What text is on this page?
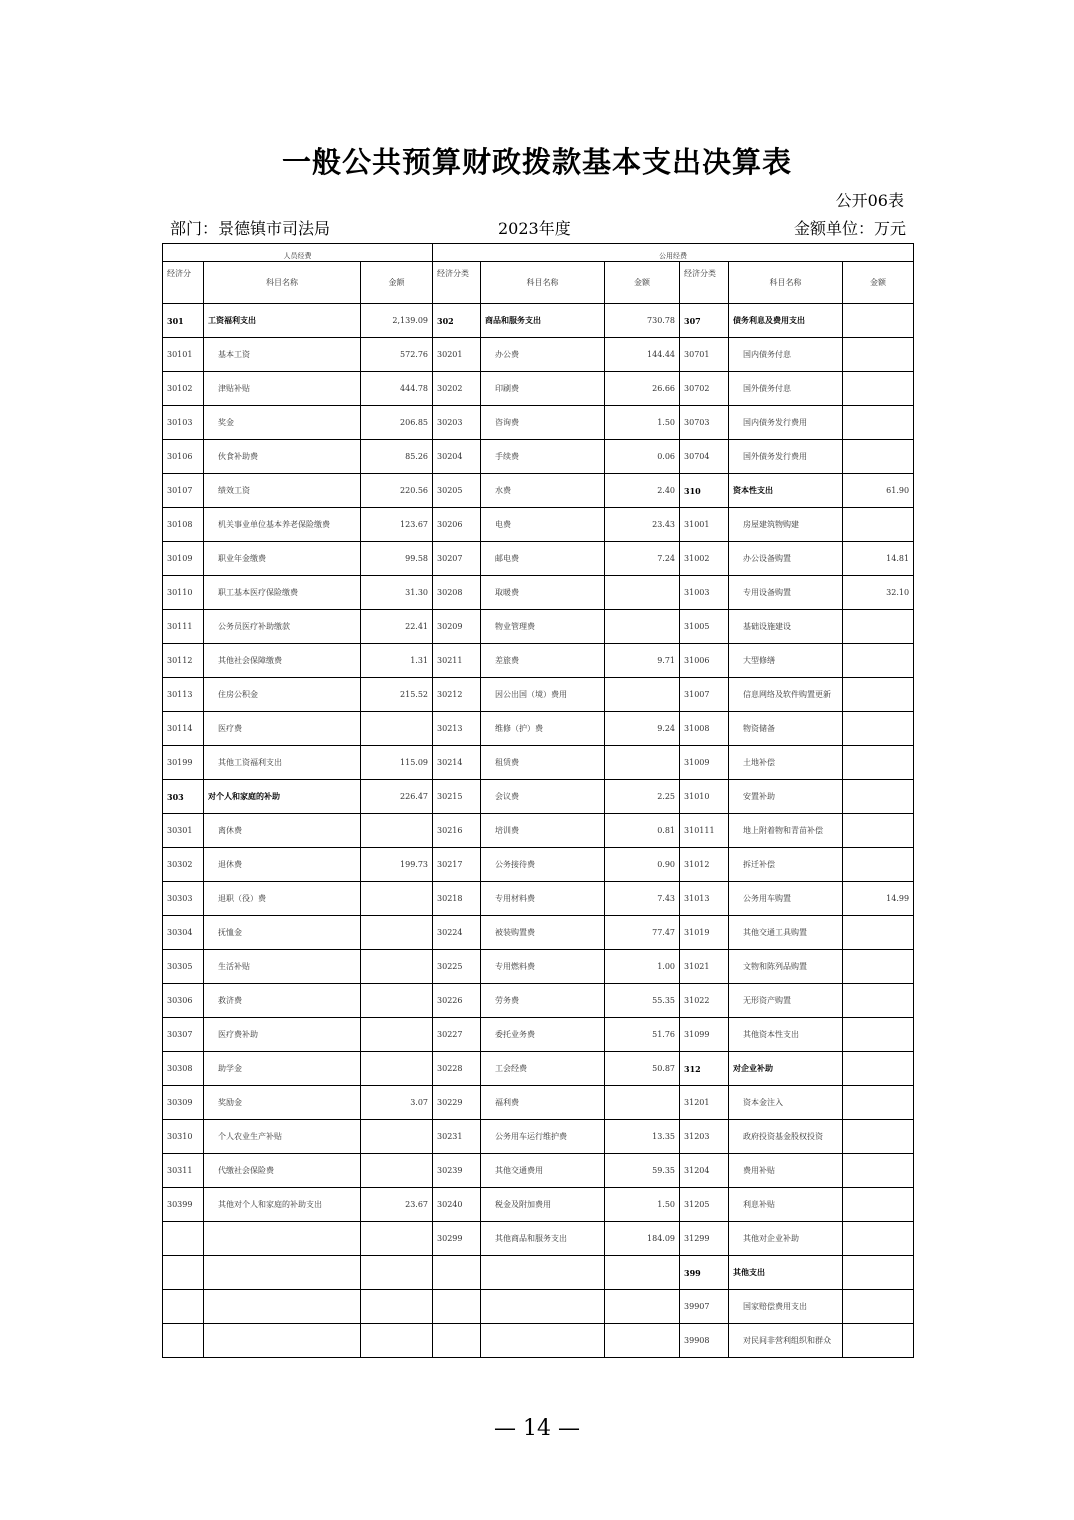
一般公共预算财政拨款基本支出决算表
公开06表
部门：景德镇市司法局	2023年度	金额单位：万元
人员经费			公用经费					
经济分	科目名称	金额	经济分类	科目名称	金额	经济分类	科目名称	金额
301	工资福利支出	2,139.09	302	商品和服务支出	730.78	307	债务利息及费用支出	
30101	基本工资	572.76	30201	办公费	144.44	30701	国内债务付息	
30102	津贴补贴	444.78	30202	印刷费	26.66	30702	国外债务付息	
30103	奖金	206.85	30203	咨询费	1.50	30703	国内债务发行费用	
30106	伙食补助费	85.26	30204	手续费	0.06	30704	国外债务发行费用	
30107	绩效工资	220.56	30205	水费	2.40	310	资本性支出	61.90
30108	机关事业单位基本养老保险缴费	123.67	30206	电费	23.43	31001	房屋建筑物购建	
30109	职业年金缴费	99.58	30207	邮电费	7.24	31002	办公设备购置	14.81
30110	职工基本医疗保险缴费	31.30	30208	取暖费		31003	专用设备购置	32.10
30111	公务员医疗补助缴款	22.41	30209	物业管理费		31005	基础设施建设	
30112	其他社会保障缴费	1.31	30211	差旅费	9.71	31006	大型修缮	
30113	住房公积金	215.52	30212	因公出国（境）费用		31007	信息网络及软件购置更新	
30114	医疗费		30213	维修（护）费	9.24	31008	物资储备	
30199	其他工资福利支出	115.09	30214	租赁费		31009	土地补偿	
303	对个人和家庭的补助	226.47	30215	会议费	2.25	31010	安置补助	
30301	离休费		30216	培训费	0.81	310111	地上附着物和青苗补偿	
30302	退休费	199.73	30217	公务接待费	0.90	31012	拆迁补偿	
30303	退职（役）费		30218	专用材料费	7.43	31013	公务用车购置	14.99
30304	抚恤金		30224	被装购置费	77.47	31019	其他交通工具购置	
30305	生活补贴		30225	专用燃料费	1.00	31021	文物和陈列品购置	
30306	救济费		30226	劳务费	55.35	31022	无形资产购置	
30307	医疗费补助		30227	委托业务费	51.76	31099	其他资本性支出	
30308	助学金		30228	工会经费	50.87	312	对企业补助	
30309	奖励金	3.07	30229	福利费		31201	资本金注入	
30310	个人农业生产补贴		30231	公务用车运行维护费	13.35	31203	政府投资基金股权投资	
30311	代缴社会保险费		30239	其他交通费用	59.35	31204	费用补贴	
30399	其他对个人和家庭的补助支出	23.67	30240	税金及附加费用	1.50	31205	利息补贴	
			30299	其他商品和服务支出	184.09	31299	其他对企业补助	
						399	其他支出	
						39907	国家赔偿费用支出	
						39908	对民间非营利组织和群众	
— 14 —
